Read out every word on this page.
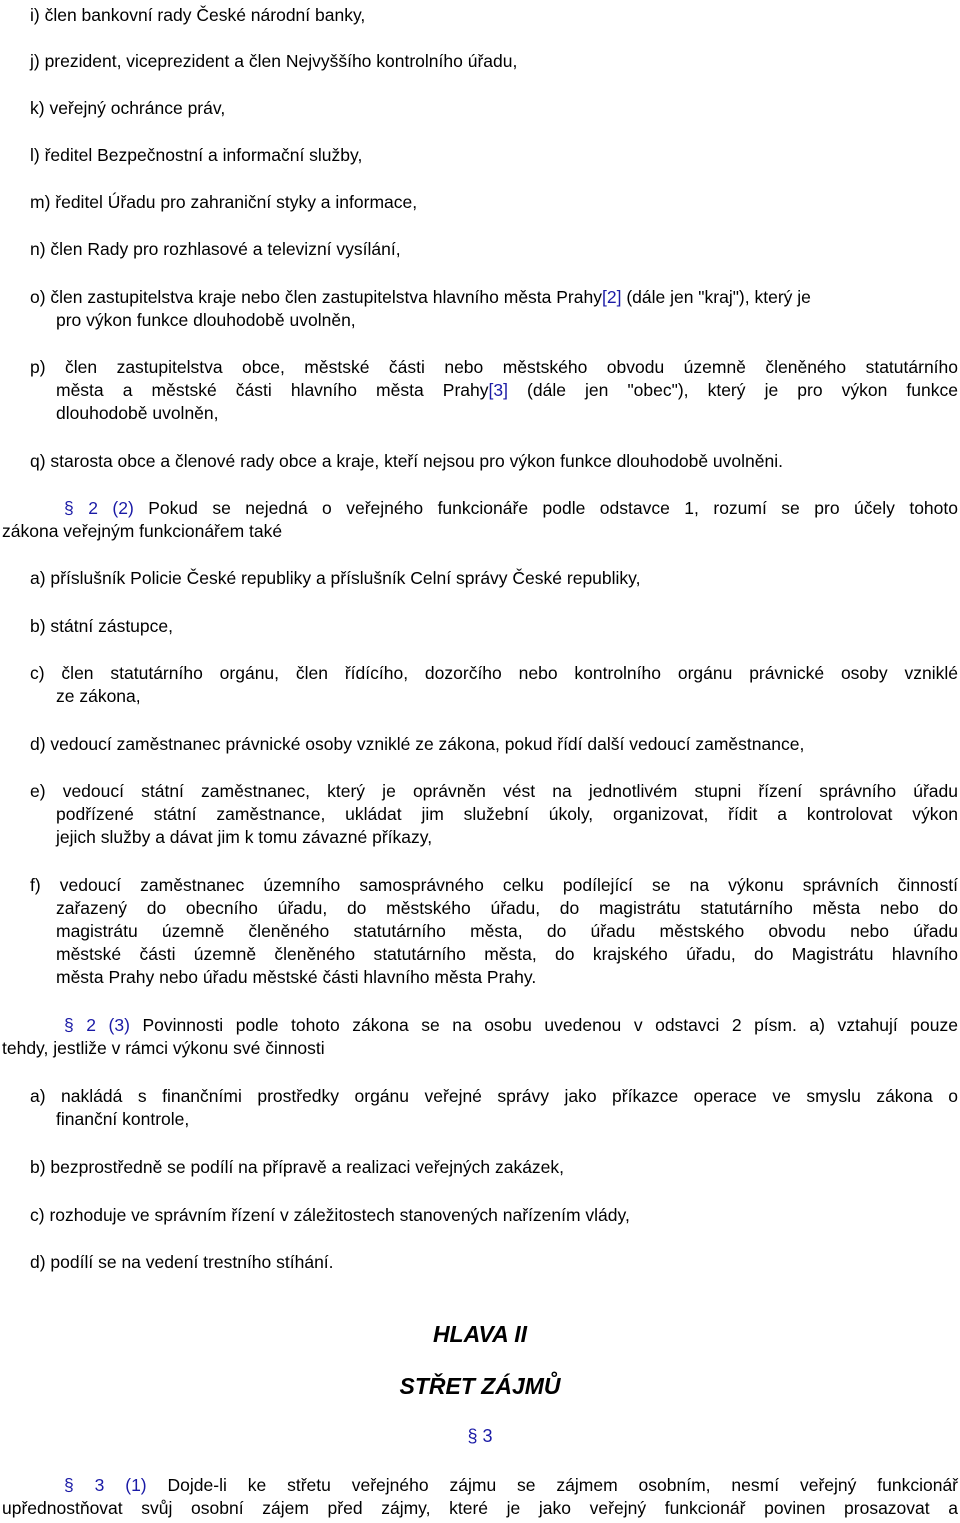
i) člen bankovní rady České národní banky,
j) prezident, viceprezident a člen Nejvyššího kontrolního úřadu,
k) veřejný ochránce práv,
l) ředitel Bezpečnostní a informační služby,
m) ředitel Úřadu pro zahraniční styky a informace,
n) člen Rady pro rozhlasové a televizní vysílání,
o) člen zastupitelstva kraje nebo člen zastupitelstva hlavního města Prahy[2] (dále jen "kraj"), který je
pro výkon funkce dlouhodobě uvolněn,
p) člen zastupitelstva obce, městské části nebo městského obvodu územně členěného statutárního
města a městské části hlavního města Prahy[3] (dále jen "obec"), který je pro výkon funkce
dlouhodobě uvolněn,
q) starosta obce a členové rady obce a kraje, kteří nejsou pro výkon funkce dlouhodobě uvolněni.
§ 2 (2) Pokud se nejedná o veřejného funkcionáře podle odstavce 1, rozumí se pro účely tohoto
zákona veřejným funkcionářem také
a) příslušník Policie České republiky a příslušník Celní správy České republiky,
b) státní zástupce,
c) člen statutárního orgánu, člen řídícího, dozorčího nebo kontrolního orgánu právnické osoby vzniklé
ze zákona,
d) vedoucí zaměstnanec právnické osoby vzniklé ze zákona, pokud řídí další vedoucí zaměstnance,
e) vedoucí státní zaměstnanec, který je oprávněn vést na jednotlivém stupni řízení správního úřadu
podřízené státní zaměstnance, ukládat jim služební úkoly, organizovat, řídit a kontrolovat výkon
jejich služby a dávat jim k tomu závazné příkazy,
f) vedoucí zaměstnanec územního samosprávného celku podílející se na výkonu správních činností
zařazený do obecního úřadu, do městského úřadu, do magistrátu statutárního města nebo do
magistrátu územně členěného statutárního města, do úřadu městského obvodu nebo úřadu
městské části územně členěného statutárního města, do krajského úřadu, do Magistrátu hlavního
města Prahy nebo úřadu městské části hlavního města Prahy.
§ 2 (3) Povinnosti podle tohoto zákona se na osobu uvedenou v odstavci 2 písm. a) vztahují pouze
tehdy, jestliže v rámci výkonu své činnosti
a) nakládá s finančními prostředky orgánu veřejné správy jako příkazce operace ve smyslu zákona o
finanční kontrole,
b) bezprostředně se podílí na přípravě a realizaci veřejných zakázek,
c) rozhoduje ve správním řízení v záležitostech stanovených nařízením vlády,
d) podílí se na vedení trestního stíhání.
HLAVA II
STŘET ZÁJMŮ
§ 3
§ 3 (1) Dojde-li ke střetu veřejného zájmu se zájmem osobním, nesmí veřejný funkcionář
upřednostňovat svůj osobní zájem před zájmy, které je jako veřejný funkcionář povinen prosazovat a
